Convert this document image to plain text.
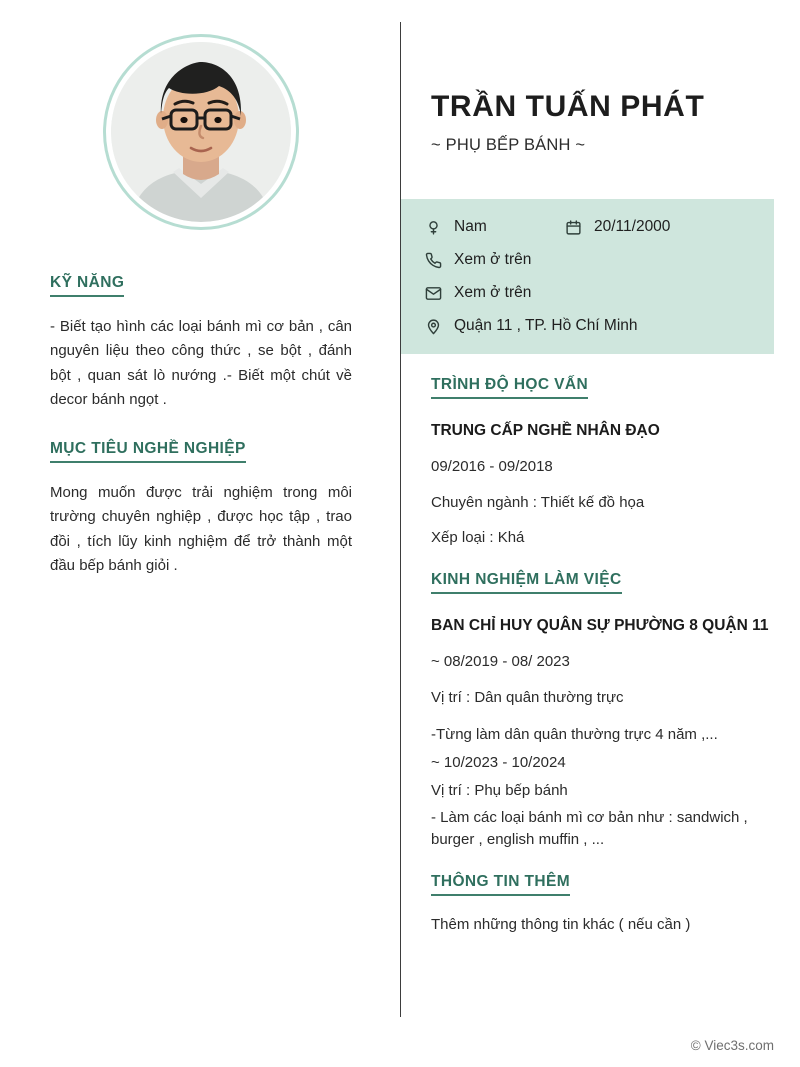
KỸ NĂNG

- Biết tạo hình các loại bánh mì cơ bản , cân nguyên liệu theo công thức , se bột , đánh bột , quan sát lò nướng .- Biết một chút về decor bánh ngọt .

MỤC TIÊU NGHỀ NGHIỆP

Mong muốn được trải nghiệm trong môi trường chuyên nghiệp , được học tập , trao đồi , tích lũy kinh nghiệm để trở thành một đầu bếp bánh giỏi .

TRẦN TUẤN PHÁT
~ PHỤ BẾP BÁNH ~
Nam	20/11/2000
Xem ở trên
Xem ở trên
Quận 11 , TP. Hồ Chí Minh
TRÌNH ĐỘ HỌC VẤN
TRUNG CẤP NGHỀ NHÂN ĐẠO
09/2016 - 09/2018
Chuyên ngành : Thiết kế đồ họa
Xếp loại : Khá
KINH NGHIỆM LÀM VIỆC
BAN CHỈ HUY QUÂN SỰ PHƯỜNG 8 QUẬN 11
~ 08/2019 - 08/ 2023
Vị trí : Dân quân thường trực
-Từng làm dân quân thường trực 4 năm ,...
~ 10/2023 - 10/2024
Vị trí : Phụ bếp bánh
- Làm các loại bánh mì cơ bản như : sandwich , burger , english muffin , ...
THÔNG TIN THÊM
Thêm những thông tin khác ( nếu cần )
© Viec3s.com
